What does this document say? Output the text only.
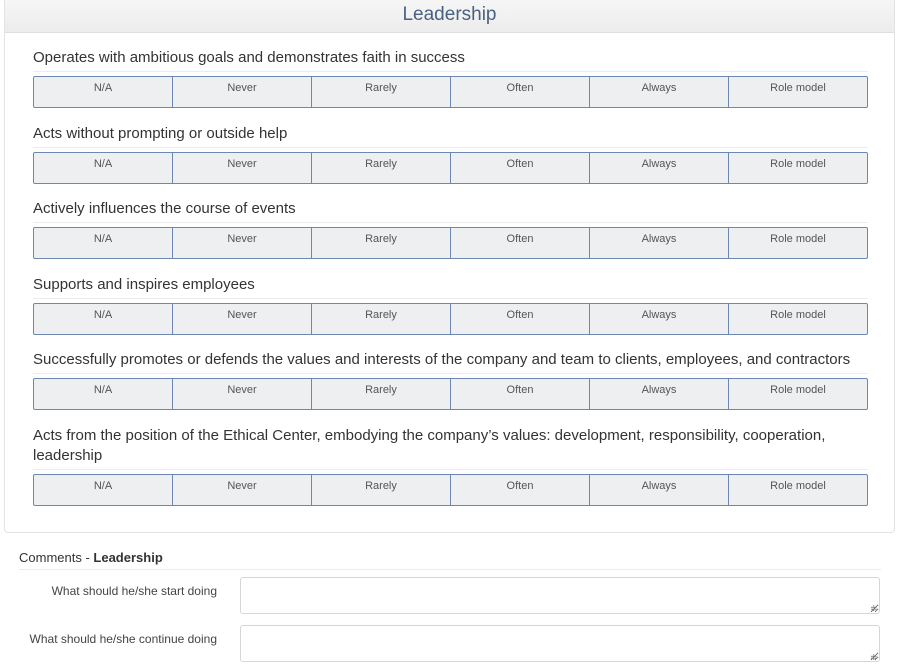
Leadership
Operates with ambitious goals and demonstrates faith in success
N/A	Never	Rarely	Often	Always	Role model
Acts without prompting or outside help
N/A	Never	Rarely	Often	Always	Role model
Actively influences the course of events
N/A	Never	Rarely	Often	Always	Role model
Supports and inspires employees
N/A	Never	Rarely	Often	Always	Role model
Successfully promotes or defends the values and interests of the company and team to clients, employees, and contractors
N/A	Never	Rarely	Often	Always	Role model
Acts from the position of the Ethical Center, embodying the company’s values: development, responsibility, cooperation, leadership
N/A	Never	Rarely	Often	Always	Role model
Comments - Leadership
What should he/she start doing
≑
What should he/she continue doing
≑
